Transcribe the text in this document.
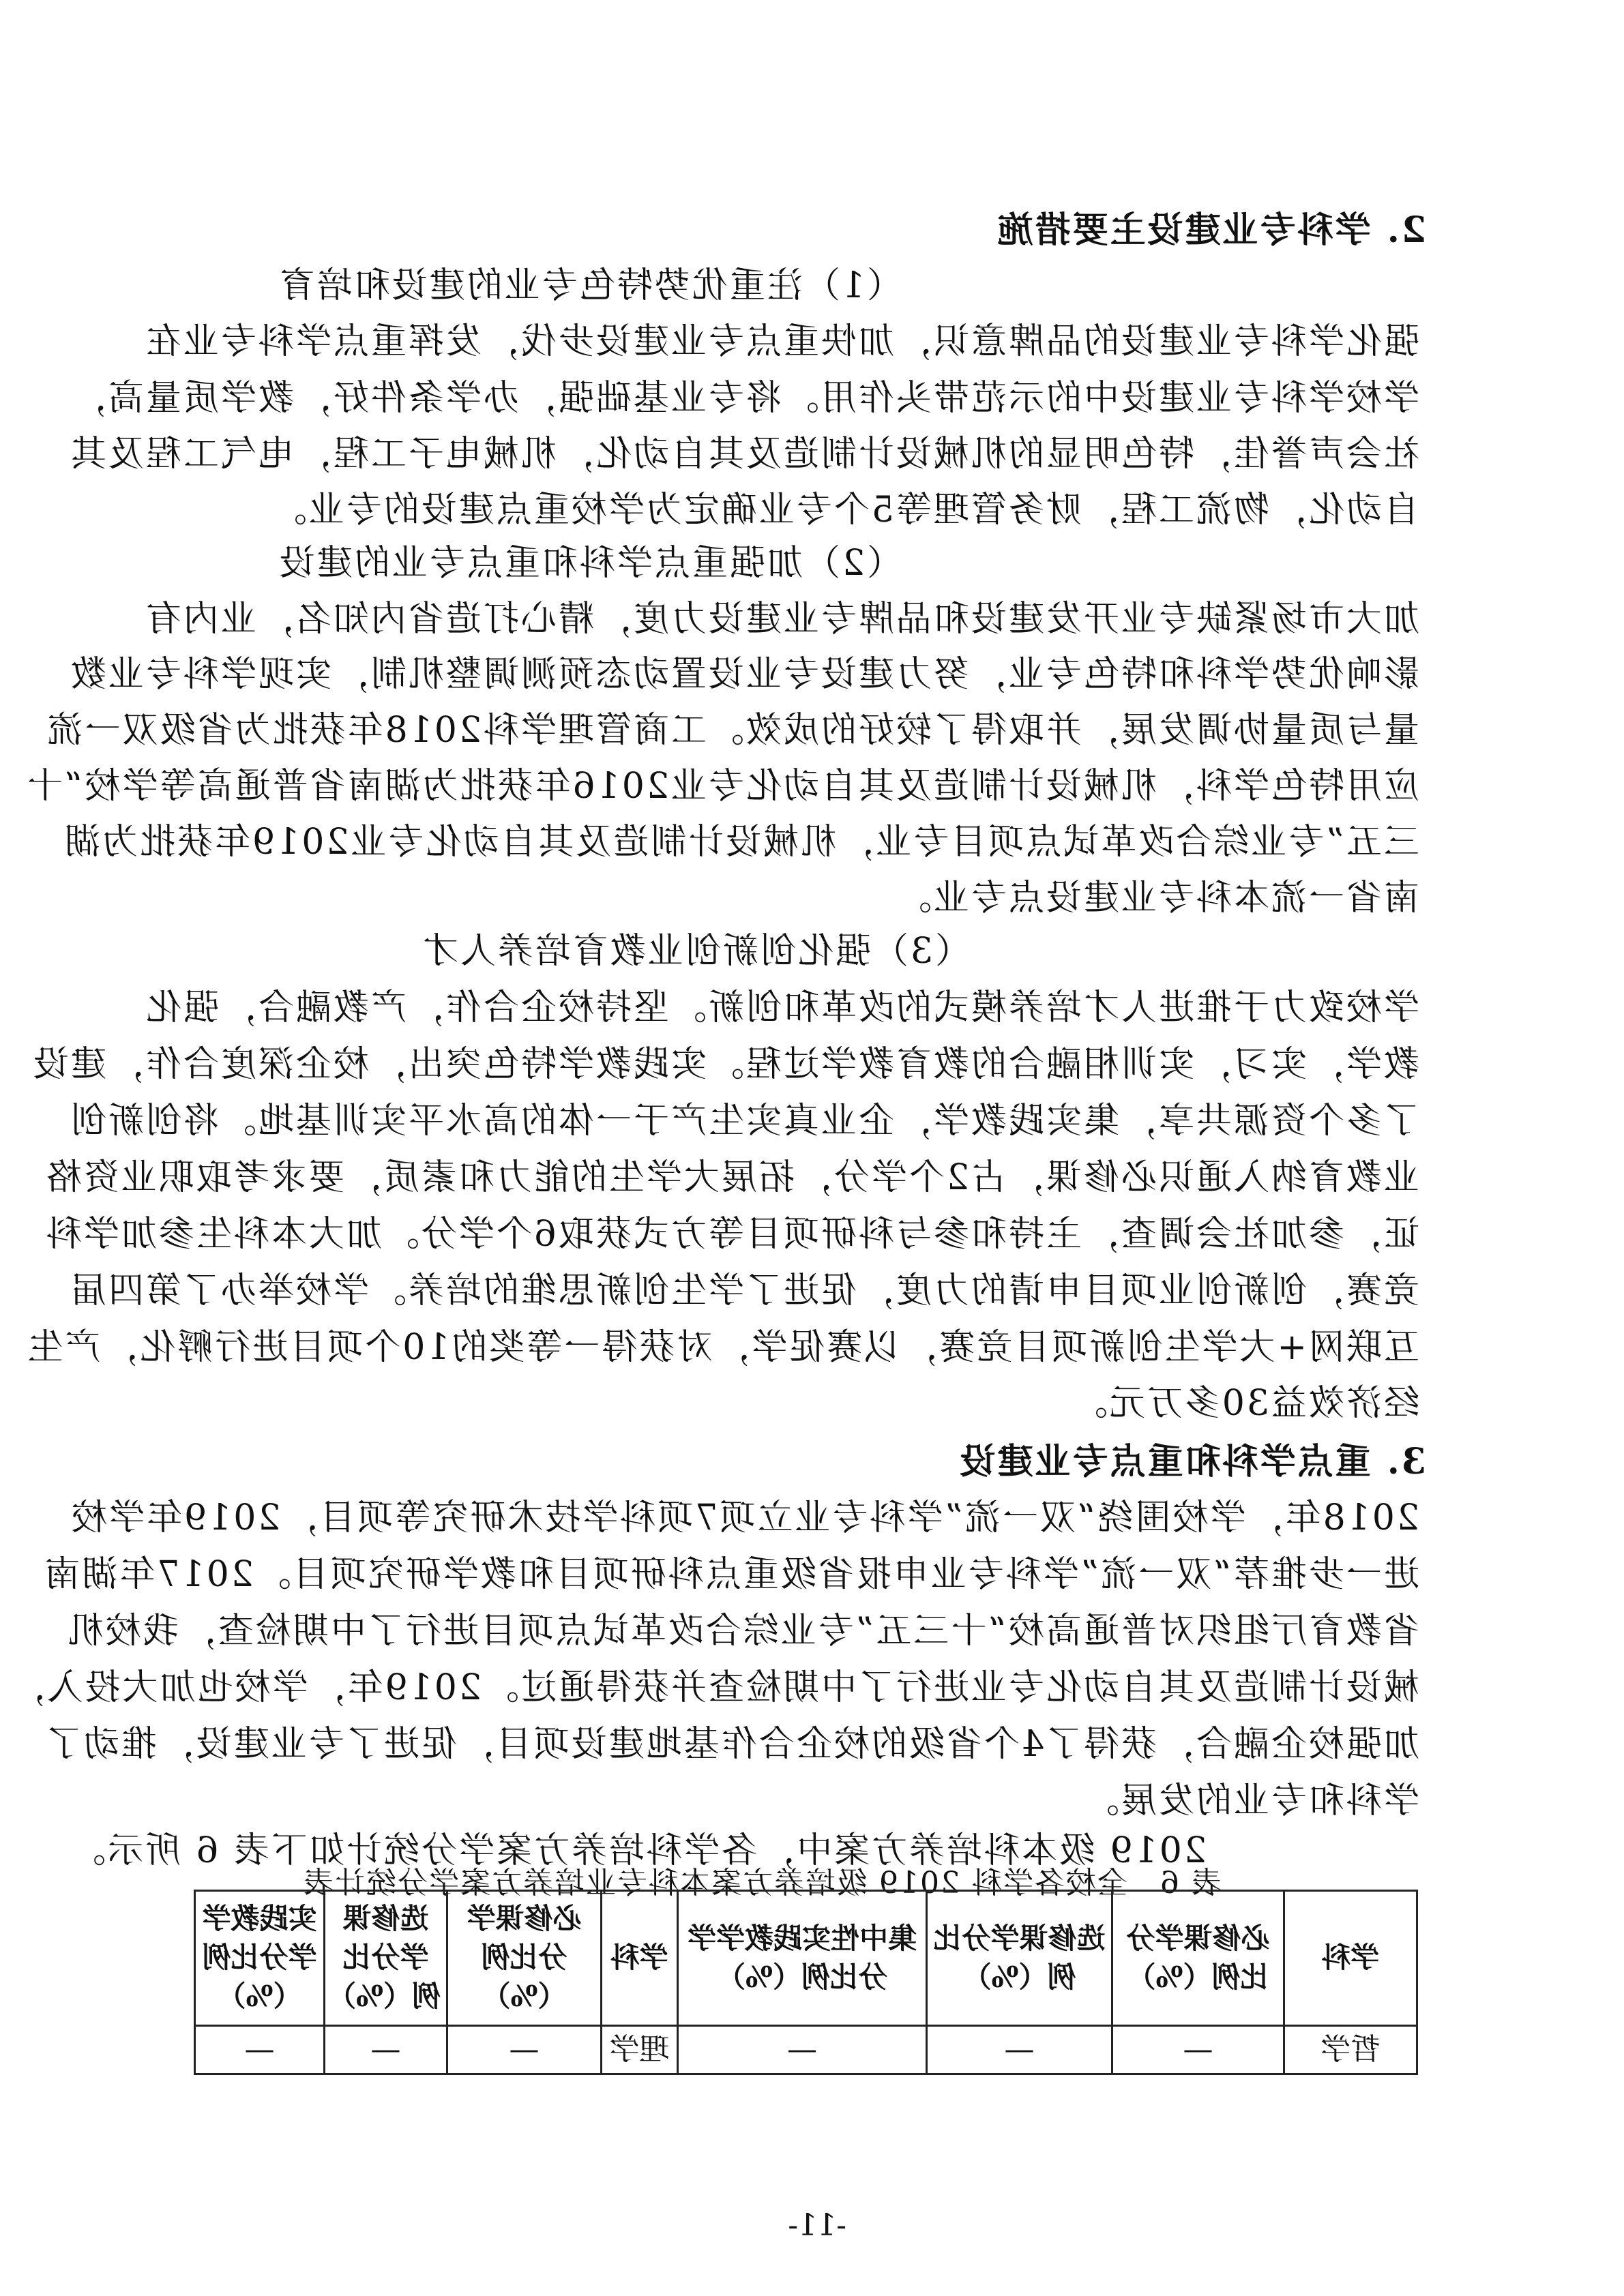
2. 学科专业建设主要措施
（1）注重优势特色专业的建设和培育
强化学科专业建设的品牌意识，加快重点专业建设步伐，发挥重点学科专业在
学校学科专业建设中的示范带头作用。将专业基础强，办学条件好，教学质量高，
社会声誉佳，特色明显的机械设计制造及其自动化，机械电子工程，电气工程及其
自动化，物流工程，财务管理等5个专业确定为学校重点建设的专业。
（2）加强重点学科和重点专业的建设
加大市场紧缺专业开发建设和品牌专业建设力度，精心打造省内知名，业内有
影响优势学科和特色专业，努力建设专业设置动态预测调整机制，实现学科专业数
量与质量协调发展，并取得了较好的成效。工商管理学科2018年获批为省级双一流
应用特色学科，机械设计制造及其自动化专业2016年获批为湖南省普通高等学校“十
三五”专业综合改革试点项目专业，机械设计制造及其自动化专业2019年获批为湖
南省一流本科专业建设点专业。
（3）强化创新创业教育培养人才
学校致力于推进人才培养模式的改革和创新。坚持校企合作，产教融合，强化
教学，实习，实训相融合的教育教学过程。实践教学特色突出，校企深度合作，建设
了多个资源共享，集实践教学，企业真实生产于一体的高水平实训基地。将创新创
业教育纳入通识必修课，占2个学分，拓展大学生的能力和素质，要求考取职业资格
证，参加社会调查，主持和参与科研项目等方式获取6个学分。加大本科生参加学科
竞赛，创新创业项目申请的力度，促进了学生创新思维的培养。学校举办了第四届
互联网+大学生创新项目竞赛，以赛促学，对获得一等奖的10个项目进行孵化，产生
经济效益30多万元。
3. 重点学科和重点专业建设
2018年，学校围绕“双一流”学科专业立项7项科学技术研究等项目，2019年学校
进一步推荐“双一流”学科专业申报省级重点科研项目和教学研究项目。2017年湖南
省教育厅组织对普通高校“十三五”专业综合改革试点项目进行了中期检查，我校机
械设计制造及其自动化专业进行了中期检查并获得通过。2019年，学校也加大投入，
加强校企融合，获得了4个省级的校企合作基地建设项目，促进了专业建设，推动了
学科和专业的发展。
2019 级本科培养方案中，各学科培养方案学分统计如下表 6 所示。
表 6　全校各学科 2019 级培养方案本科专业培养方案学分统计表
学科	必修课学分比例（%）	选修课学分比例（%）	集中性实践教学学分比例（%）	学科	必修课学分比例（%）	选修课学分比例（%）	实践教学学分比例（%）
哲学	—	—	—	理学	—	—	—
-11-
